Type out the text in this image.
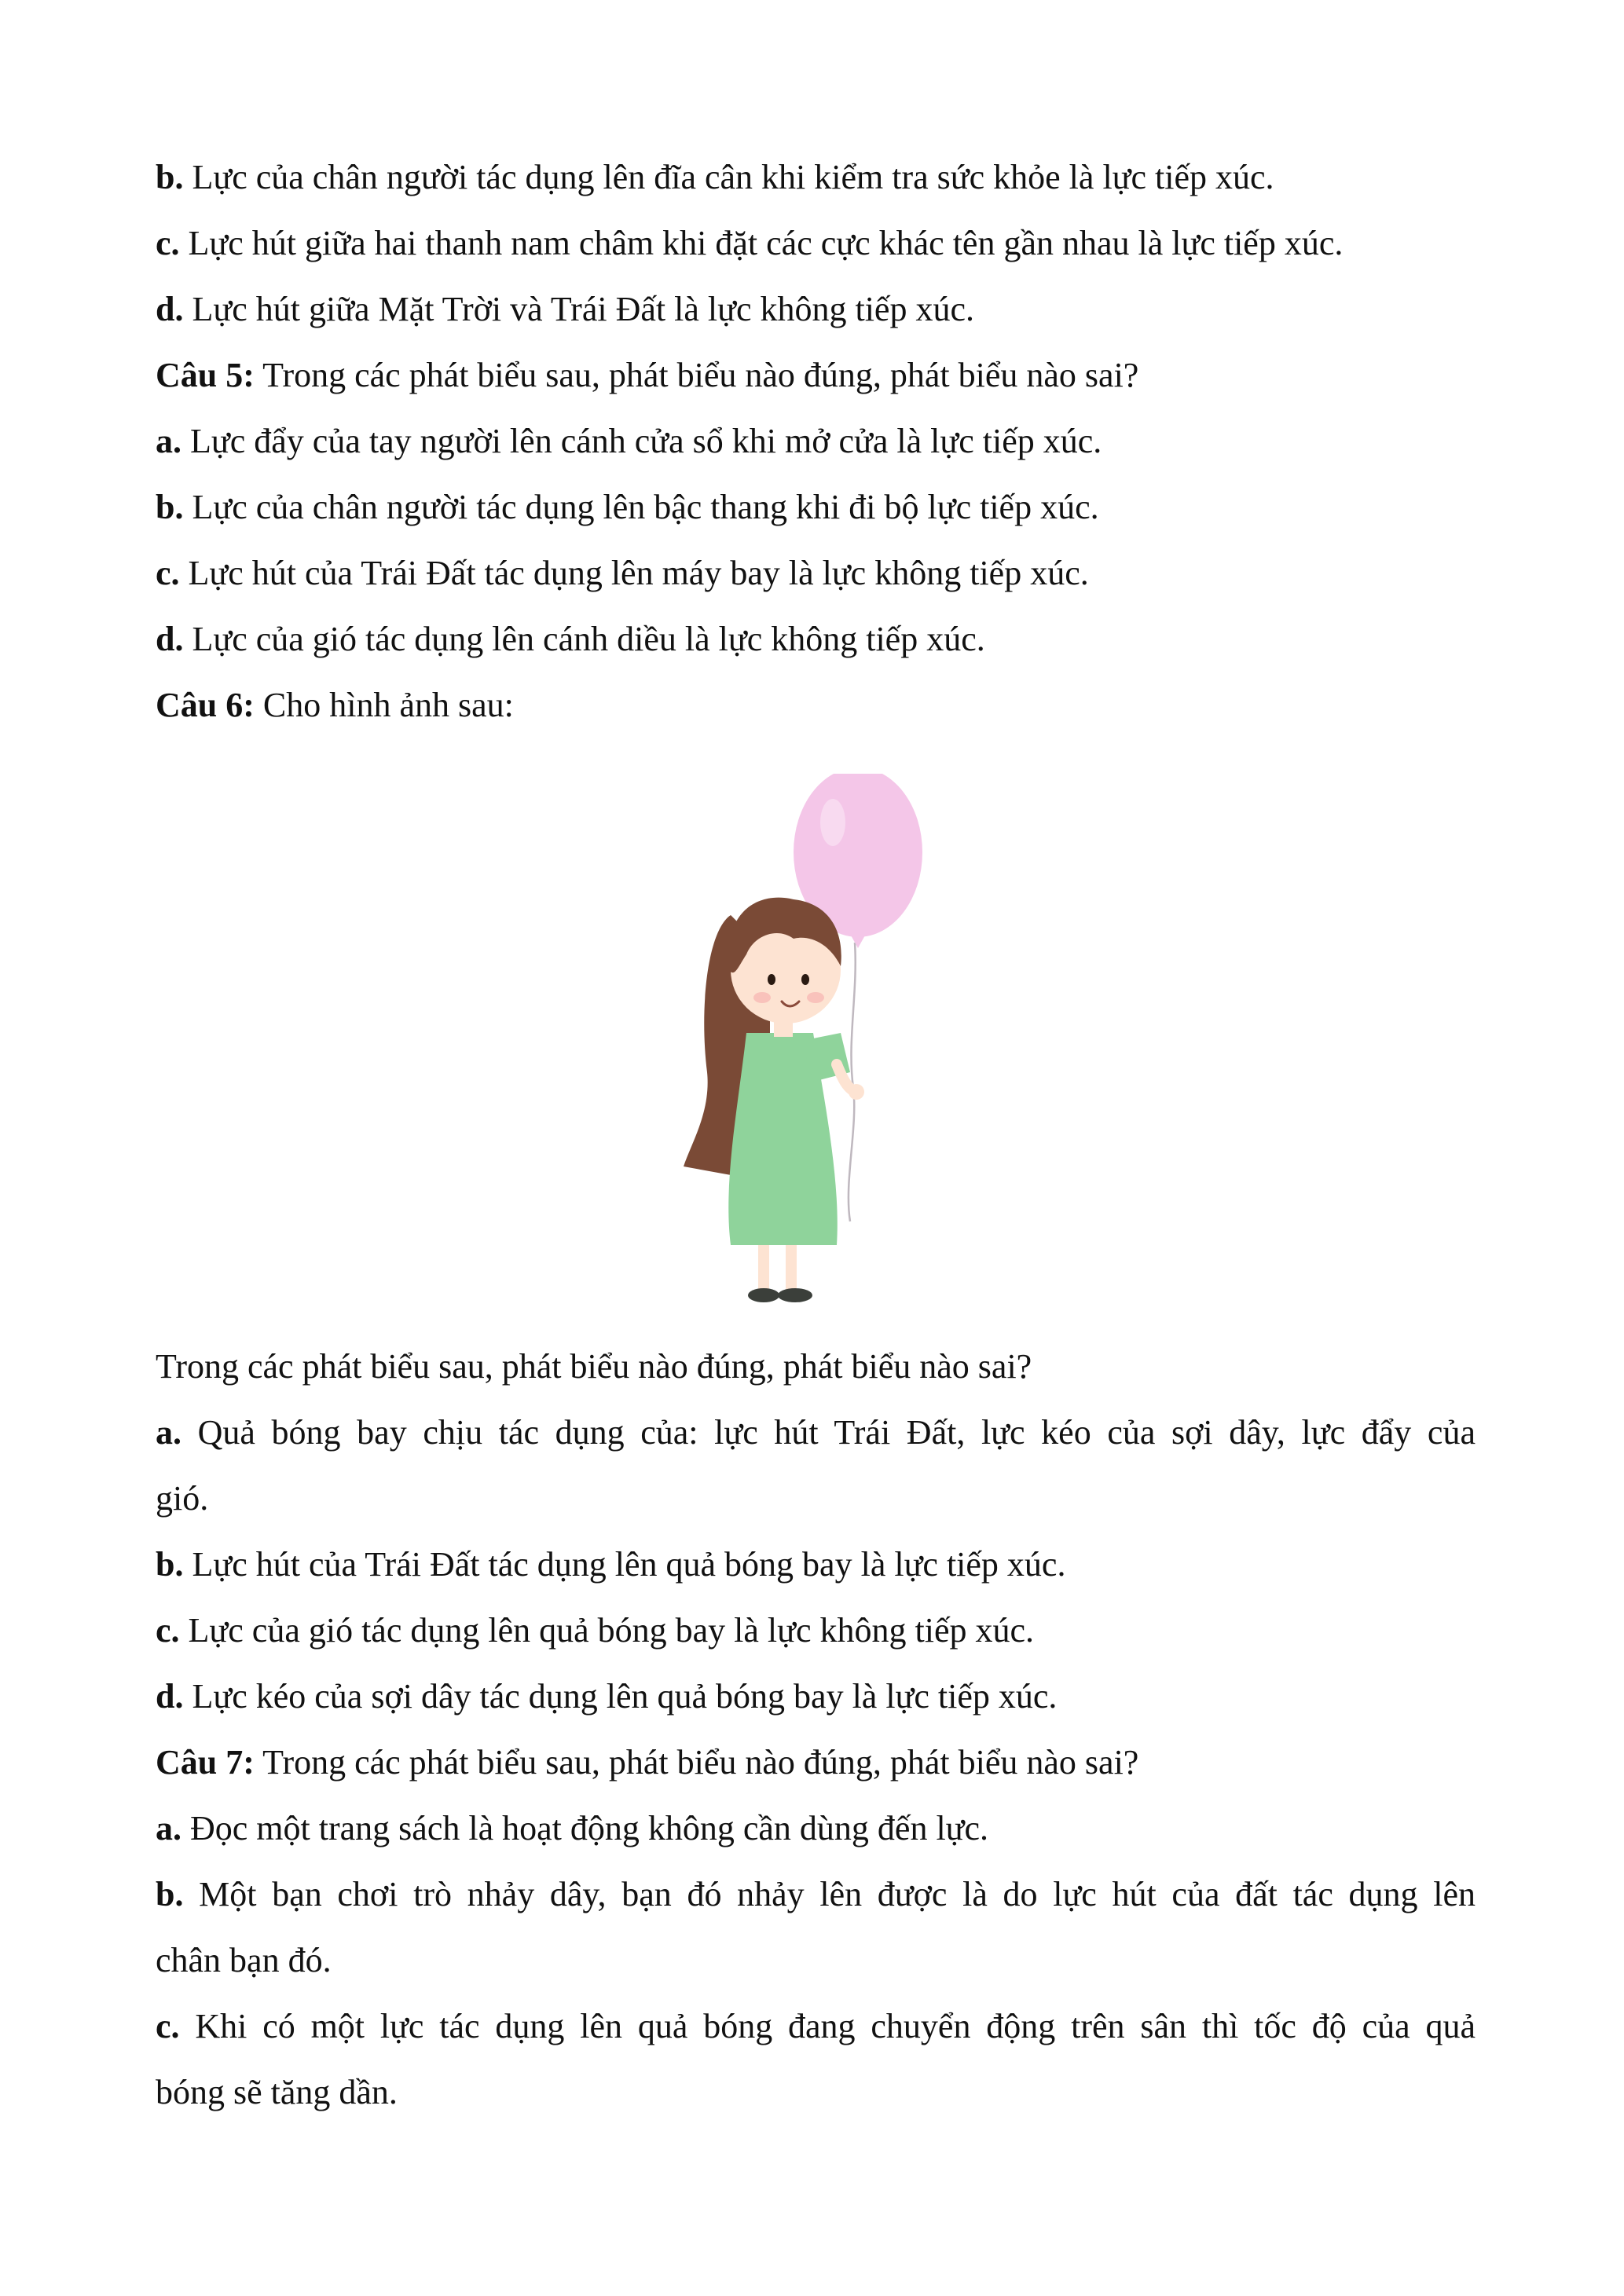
b. Lực của chân người tác dụng lên đĩa cân khi kiểm tra sức khỏe là lực tiếp xúc.
c. Lực hút giữa hai thanh nam châm khi đặt các cực khác tên gần nhau là lực tiếp xúc.
d. Lực hút giữa Mặt Trời và Trái Đất là lực không tiếp xúc.
Câu 5: Trong các phát biểu sau, phát biểu nào đúng, phát biểu nào sai?
a. Lực đẩy của tay người lên cánh cửa sổ khi mở cửa là lực tiếp xúc.
b. Lực của chân người tác dụng lên bậc thang khi đi bộ lực tiếp xúc.
c. Lực hút của Trái Đất tác dụng lên máy bay là lực không tiếp xúc.
d. Lực của gió tác dụng lên cánh diều là lực không tiếp xúc.
Câu 6: Cho hình ảnh sau:
Trong các phát biểu sau, phát biểu nào đúng, phát biểu nào sai?
a. Quả bóng bay chịu tác dụng của: lực hút Trái Đất, lực kéo của sợi dây, lực đẩy của
gió.
b. Lực hút của Trái Đất tác dụng lên quả bóng bay là lực tiếp xúc.
c. Lực của gió tác dụng lên quả bóng bay là lực không tiếp xúc.
d. Lực kéo của sợi dây tác dụng lên quả bóng bay là lực tiếp xúc.
Câu 7: Trong các phát biểu sau, phát biểu nào đúng, phát biểu nào sai?
a. Đọc một trang sách là hoạt động không cần dùng đến lực.
b. Một bạn chơi trò nhảy dây, bạn đó nhảy lên được là do lực hút của đất tác dụng lên
chân bạn đó.
c. Khi có một lực tác dụng lên quả bóng đang chuyển động trên sân thì tốc độ của quả
bóng sẽ tăng dần.
